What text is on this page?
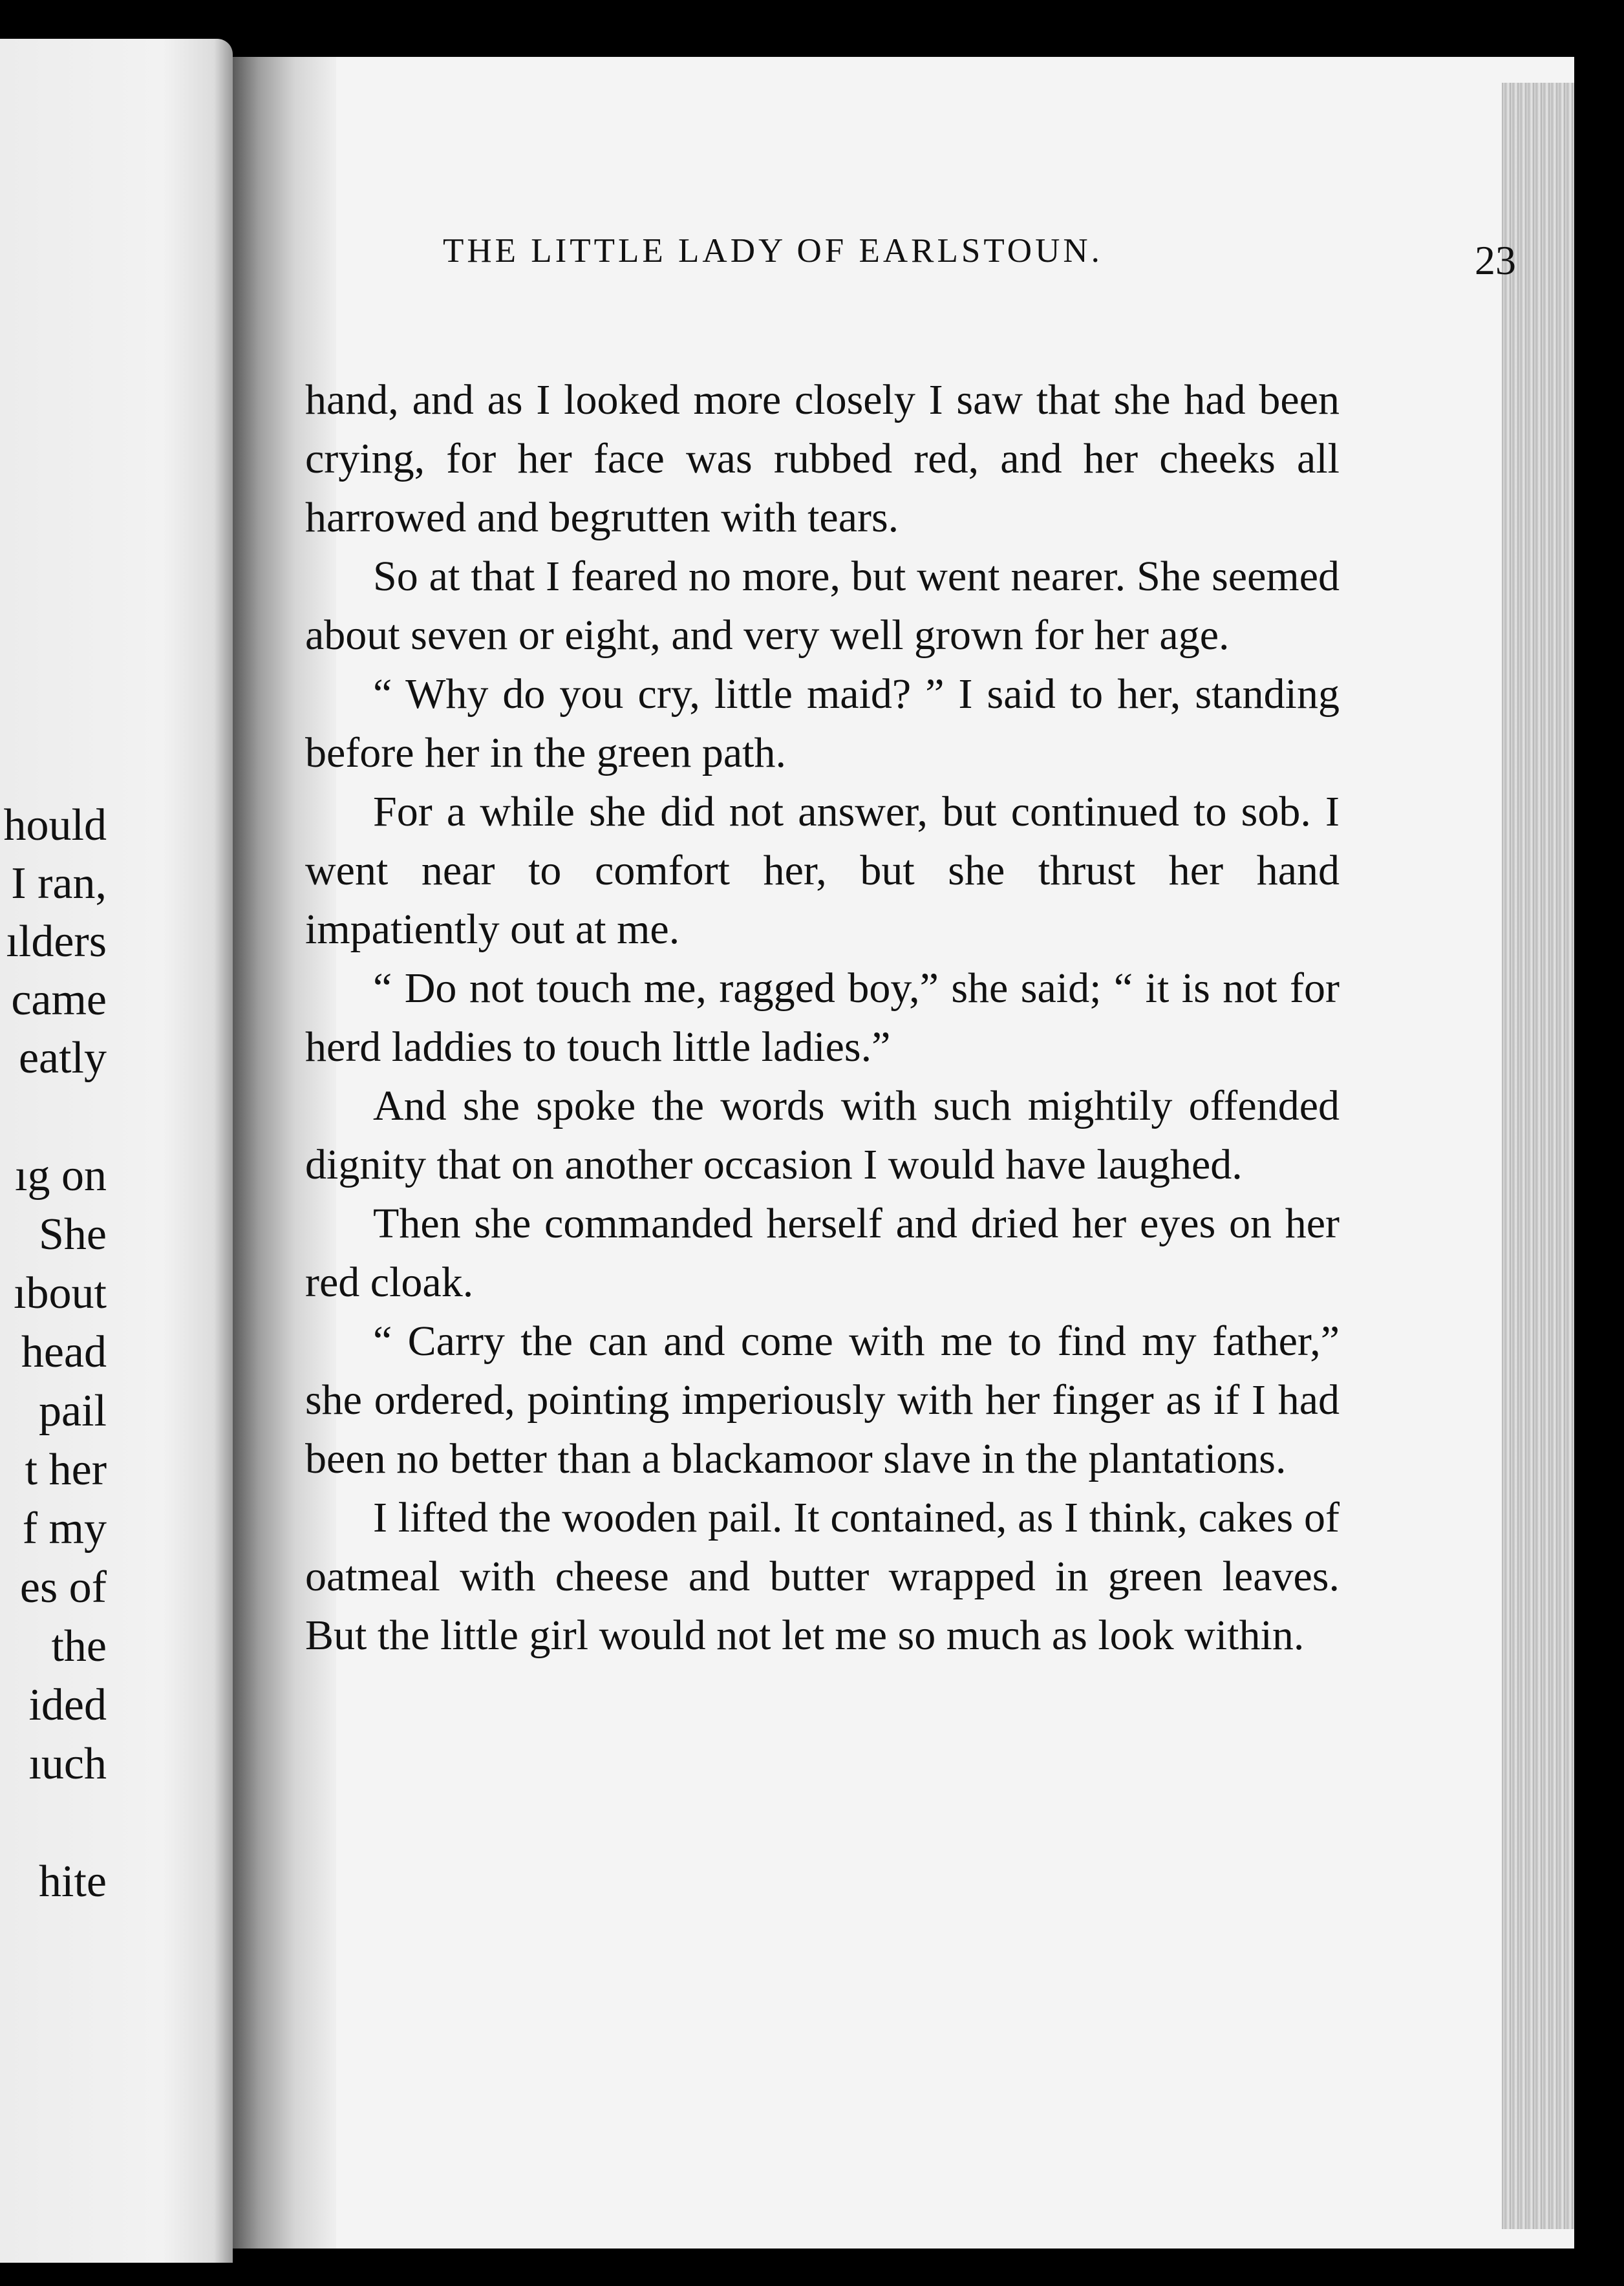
hould
I ran,
ılders
came
eatly
ıg on
She
ıbout
head
pail
t her
f my
es of
the
ided
ıuch
hite
THE LITTLE LADY OF EARLSTOUN.	23

hand, and as I looked more closely I saw that she had been crying, for her face was rubbed red, and her cheeks all harrowed and begrutten with tears.

So at that I feared no more, but went nearer. She seemed about seven or eight, and very well grown for her age.

“ Why do you cry, little maid? ” I said to her, standing before her in the green path.

For a while she did not answer, but continued to sob. I went near to comfort her, but she thrust her hand impatiently out at me.

“ Do not touch me, ragged boy,” she said; “ it is not for herd laddies to touch little ladies.”

And she spoke the words with such mightily offended dignity that on another occasion I would have laughed.

Then she commanded herself and dried her eyes on her red cloak.

“ Carry the can and come with me to find my father,” she ordered, pointing imperiously with her finger as if I had been no better than a blackamoor slave in the plantations.

I lifted the wooden pail. It contained, as I think, cakes of oatmeal with cheese and butter wrapped in green leaves. But the little girl would not let me so much as look within.
